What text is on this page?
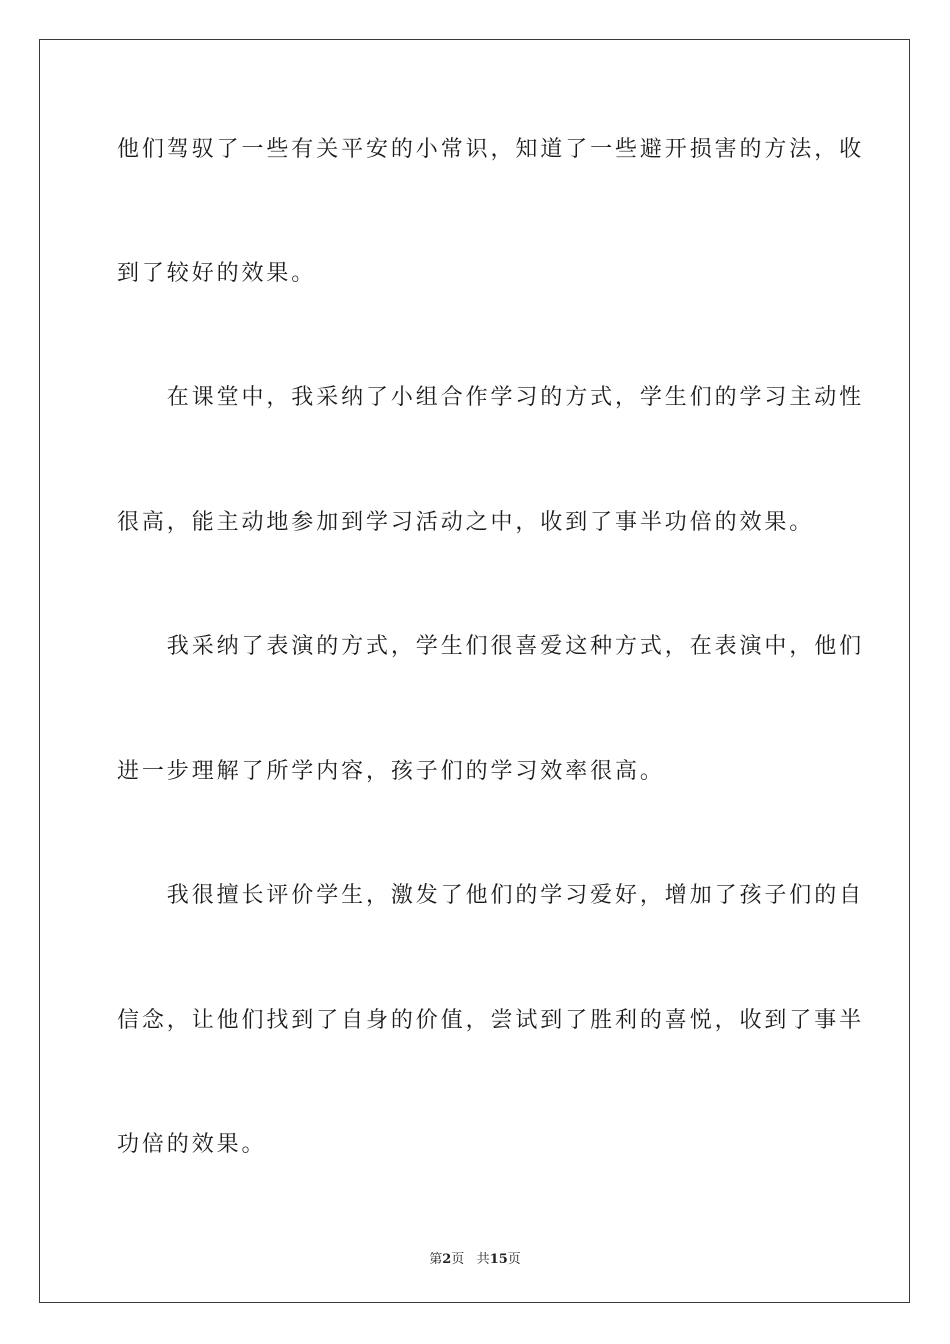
他们驾驭了一些有关平安的小常识，知道了一些避开损害的方法，收
到了较好的效果。
　　在课堂中，我采纳了小组合作学习的方式，学生们的学习主动性
很高，能主动地参加到学习活动之中，收到了事半功倍的效果。
　　我采纳了表演的方式，学生们很喜爱这种方式，在表演中，他们
进一步理解了所学内容，孩子们的学习效率很高。
　　我很擅长评价学生，激发了他们的学习爱好，增加了孩子们的自
信念，让他们找到了自身的价值，尝试到了胜利的喜悦，收到了事半
功倍的效果。
第2页 共15页
